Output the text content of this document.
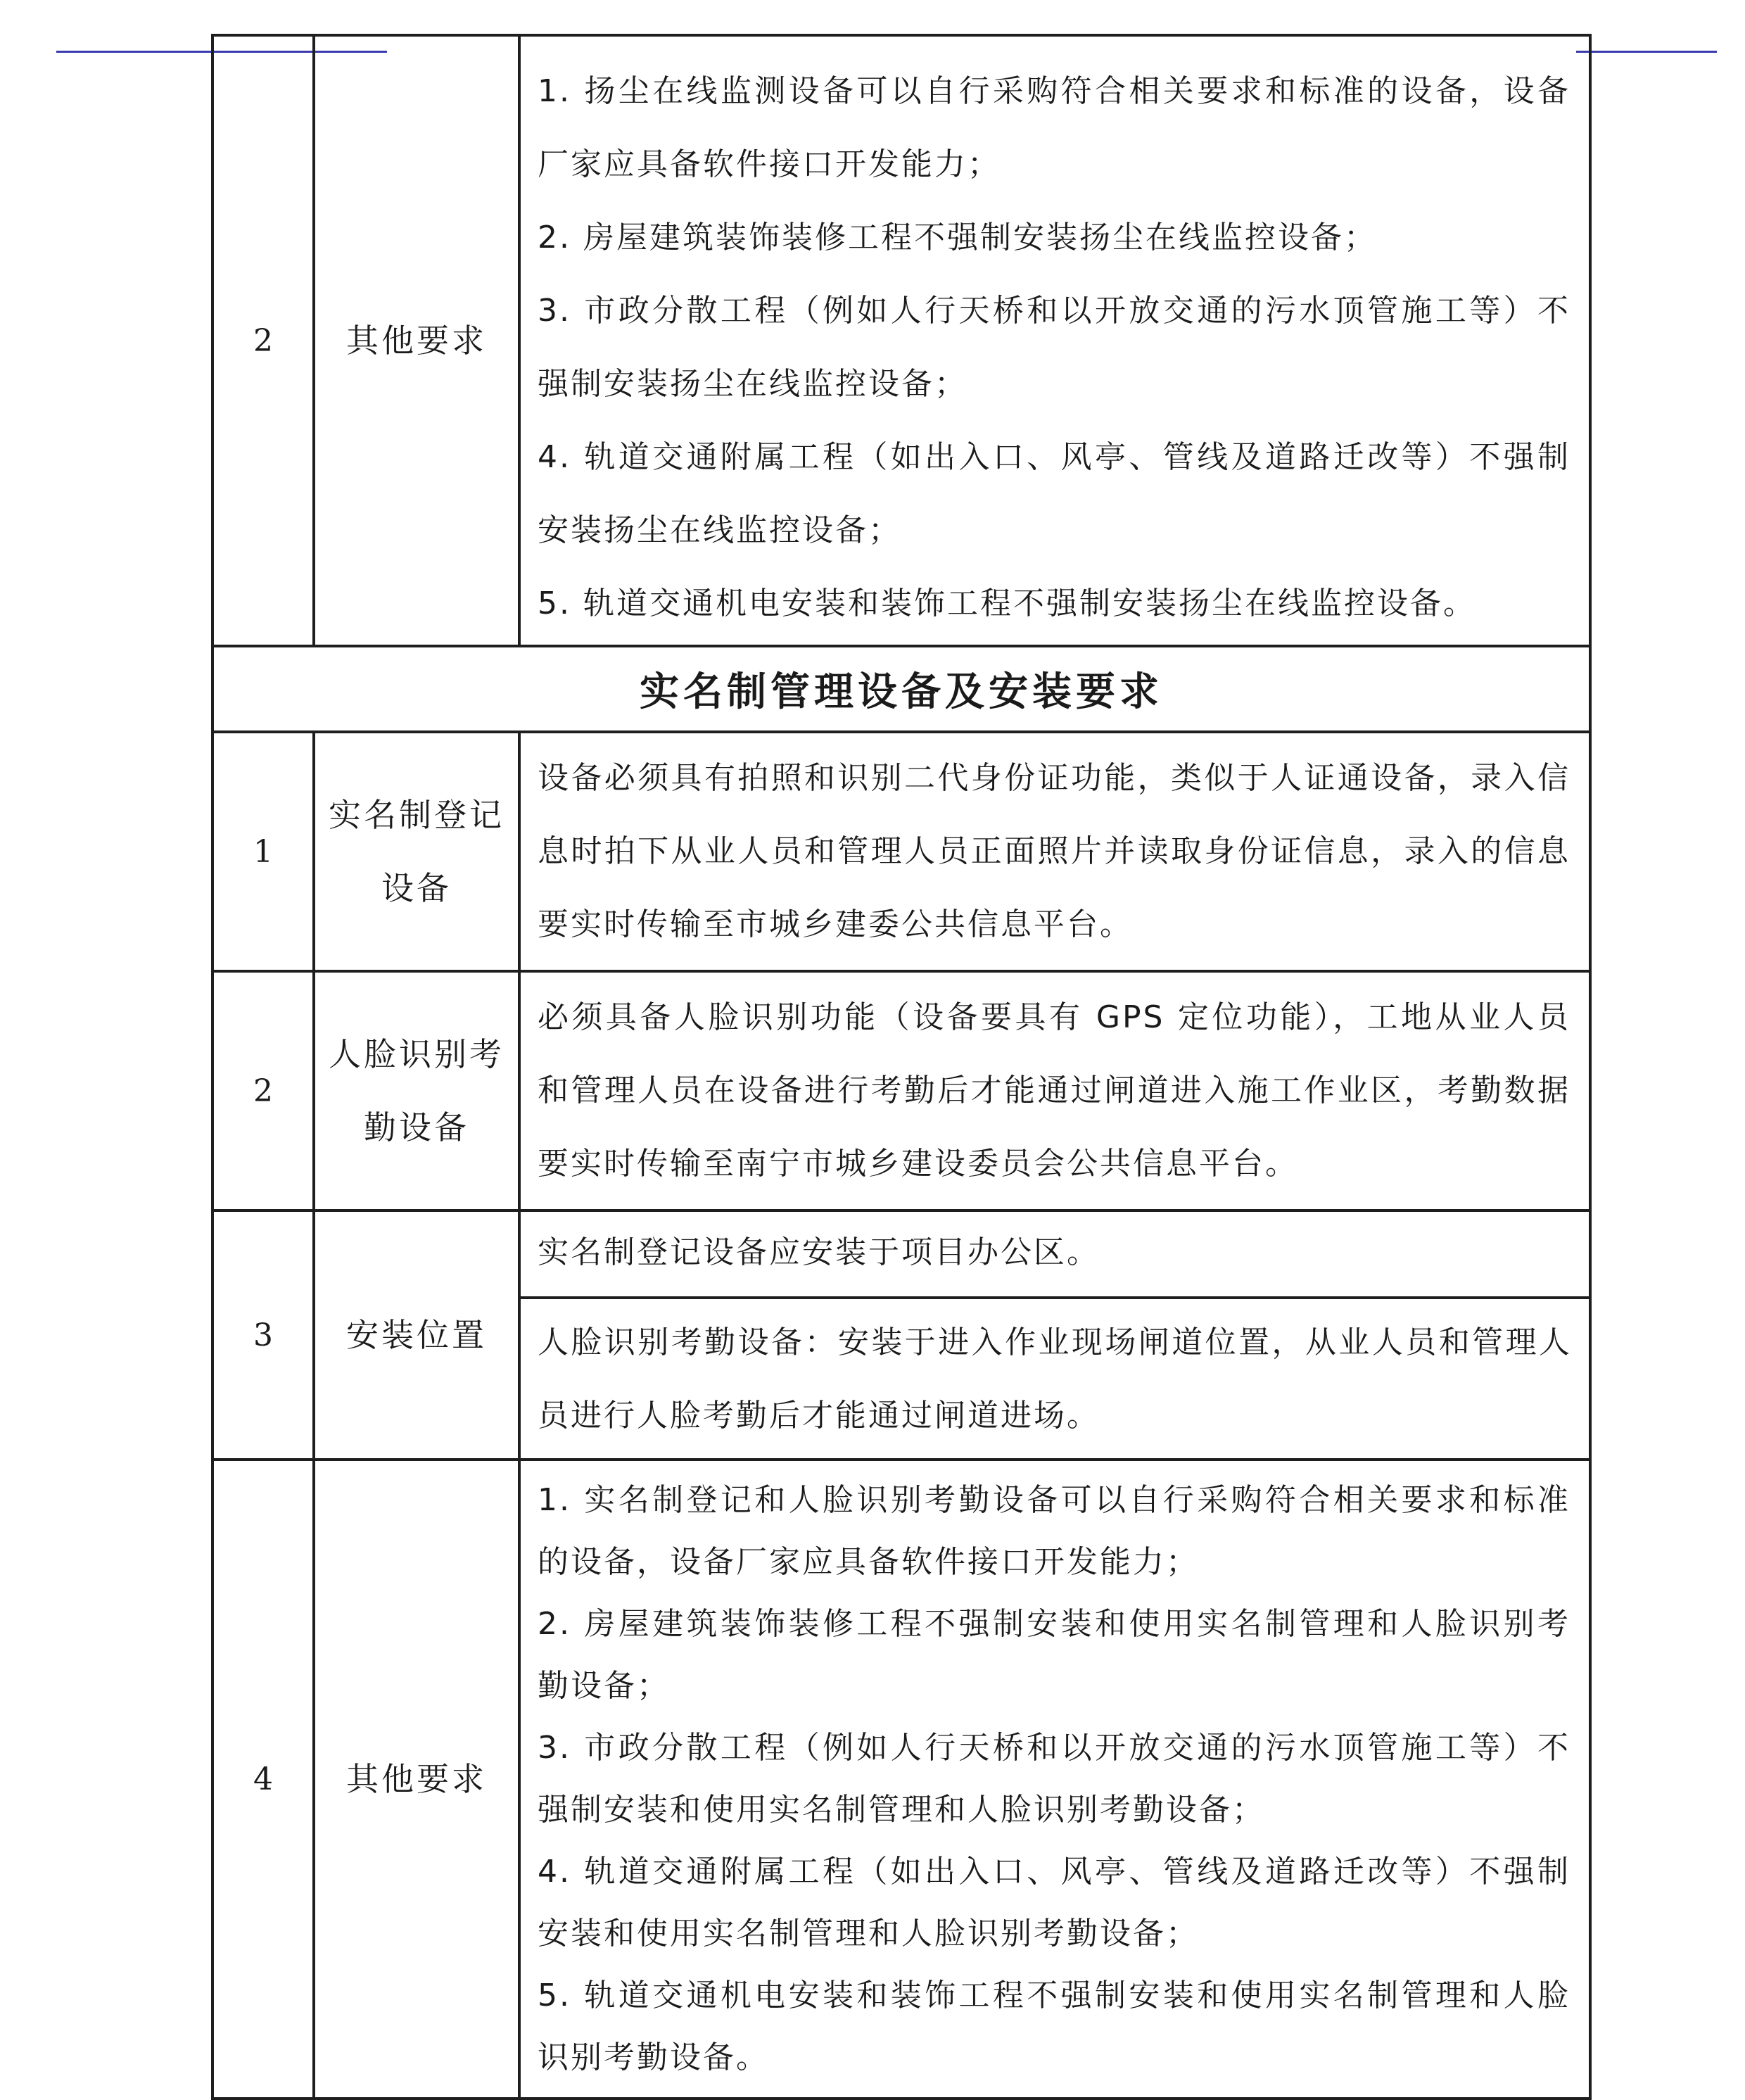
2	其他要求	1. 扬尘在线监测设备可以自行采购符合相关要求和标准的设备，设备厂家应具备软件接口开发能力；

2. 房屋建筑装饰装修工程不强制安装扬尘在线监控设备；

3. 市政分散工程（例如人行天桥和以开放交通的污水顶管施工等）不强制安装扬尘在线监控设备；

4. 轨道交通附属工程（如出入口、风亭、管线及道路迁改等）不强制安装扬尘在线监控设备；

5. 轨道交通机电安装和装饰工程不强制安装扬尘在线监控设备。

实名制管理设备及安装要求		
1	实名制登记设备	设备必须具有拍照和识别二代身份证功能，类似于人证通设备，录入信息时拍下从业人员和管理人员正面照片并读取身份证信息，录入的信息要实时传输至市城乡建委公共信息平台。
2	人脸识别考勤设备	必须具备人脸识别功能（设备要具有 GPS 定位功能），工地从业人员和管理人员在设备进行考勤后才能通过闸道进入施工作业区，考勤数据要实时传输至南宁市城乡建设委员会公共信息平台。
3	安装位置	实名制登记设备应安装于项目办公区。
人脸识别考勤设备：安装于进入作业现场闸道位置，从业人员和管理人员进行人脸考勤后才能通过闸道进场。

4	其他要求	1. 实名制登记和人脸识别考勤设备可以自行采购符合相关要求和标准的设备，设备厂家应具备软件接口开发能力；

2. 房屋建筑装饰装修工程不强制安装和使用实名制管理和人脸识别考勤设备；

3. 市政分散工程（例如人行天桥和以开放交通的污水顶管施工等）不强制安装和使用实名制管理和人脸识别考勤设备；

4. 轨道交通附属工程（如出入口、风亭、管线及道路迁改等）不强制安装和使用实名制管理和人脸识别考勤设备；

5. 轨道交通机电安装和装饰工程不强制安装和使用实名制管理和人脸识别考勤设备。
